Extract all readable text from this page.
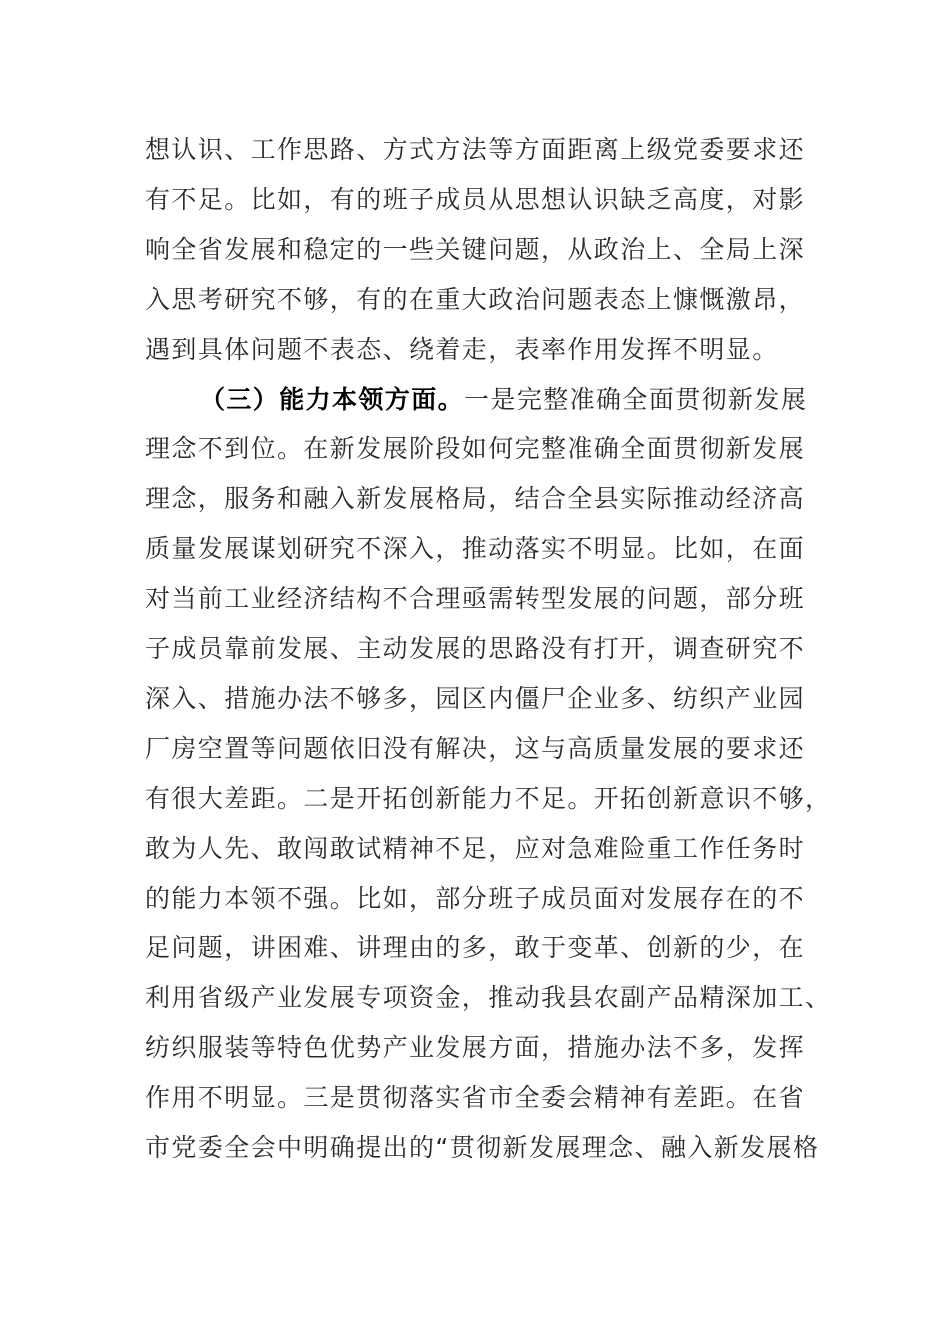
想认识、工作思路、方式方法等方面距离上级党委要求还
有不足。比如，有的班子成员从思想认识缺乏高度，对影
响全省发展和稳定的一些关键问题，从政治上、全局上深
入思考研究不够，有的在重大政治问题表态上慷慨激昂，
遇到具体问题不表态、绕着走，表率作用发挥不明显。
（三）能力本领方面。一是完整准确全面贯彻新发展
理念不到位。在新发展阶段如何完整准确全面贯彻新发展
理念，服务和融入新发展格局，结合全县实际推动经济高
质量发展谋划研究不深入，推动落实不明显。比如，在面
对当前工业经济结构不合理亟需转型发展的问题，部分班
子成员靠前发展、主动发展的思路没有打开，调查研究不
深入、措施办法不够多，园区内僵尸企业多、纺织产业园
厂房空置等问题依旧没有解决，这与高质量发展的要求还
有很大差距。二是开拓创新能力不足。开拓创新意识不够，
敢为人先、敢闯敢试精神不足，应对急难险重工作任务时
的能力本领不强。比如，部分班子成员面对发展存在的不
足问题，讲困难、讲理由的多，敢于变革、创新的少，在
利用省级产业发展专项资金，推动我县农副产品精深加工、
纺织服装等特色优势产业发展方面，措施办法不多，发挥
作用不明显。三是贯彻落实省市全委会精神有差距。在省
市党委全会中明确提出的“贯彻新发展理念、融入新发展格
